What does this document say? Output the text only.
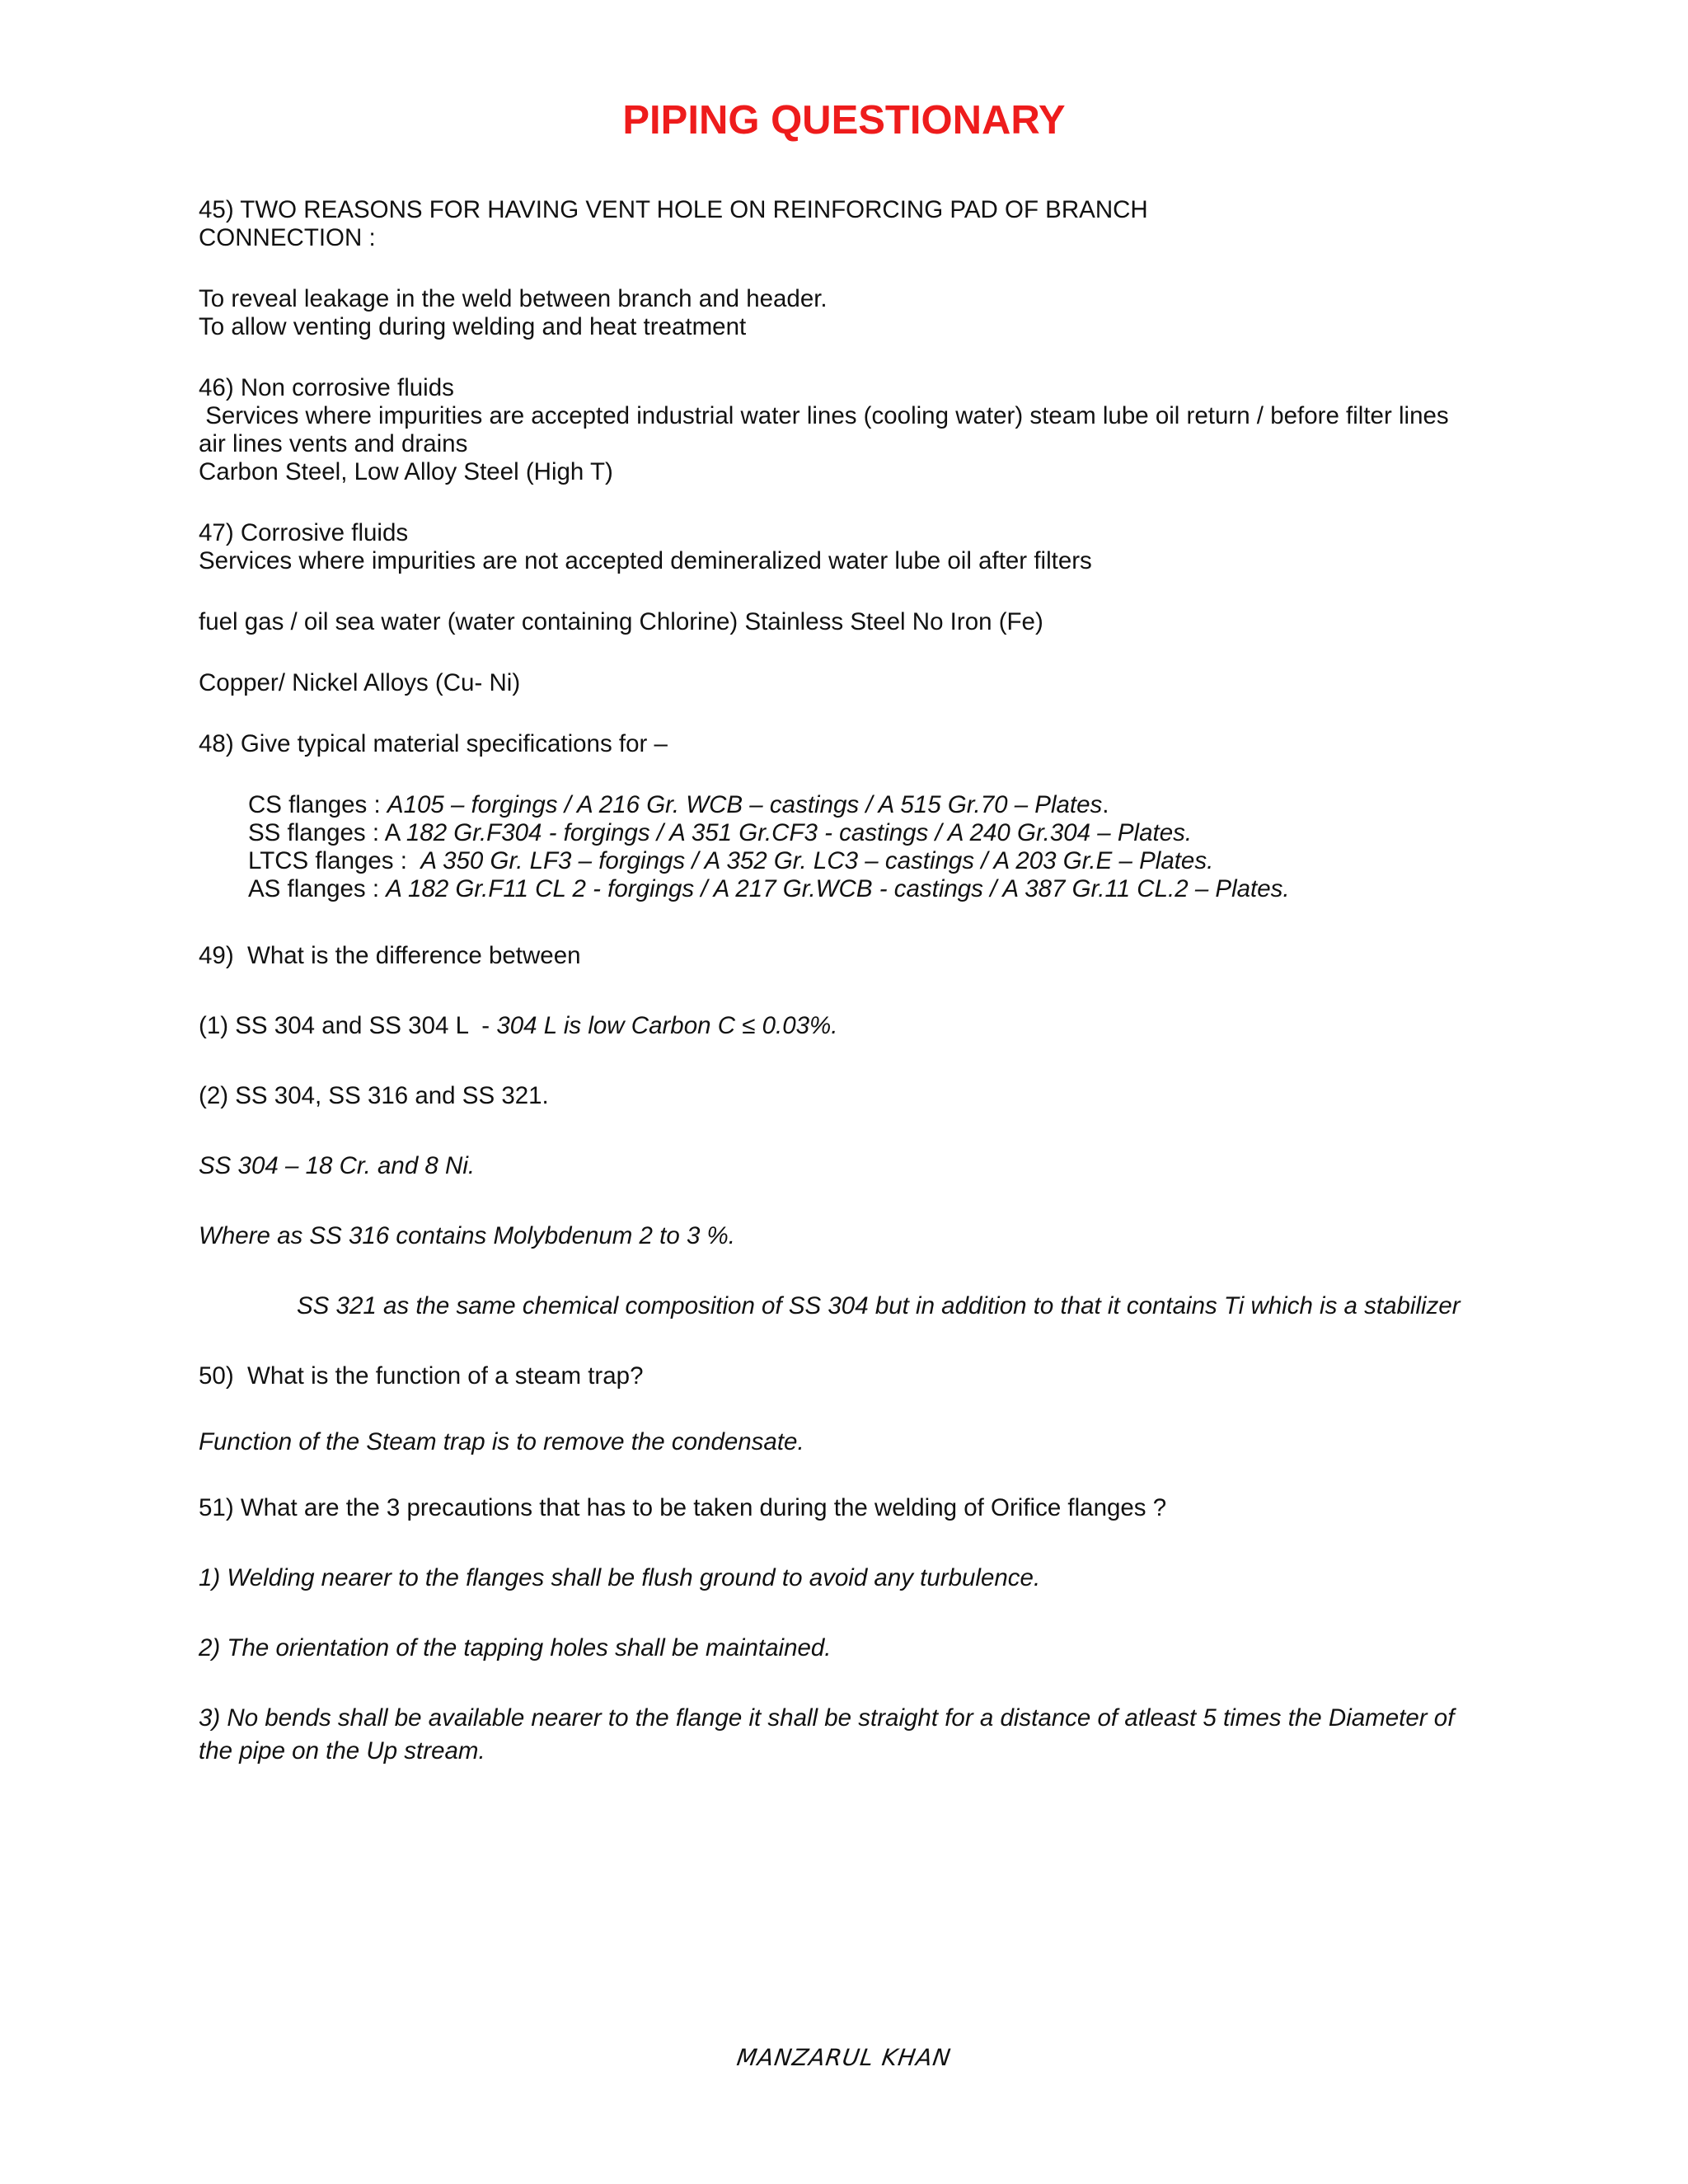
PIPING QUESTIONARY
45) TWO REASONS FOR HAVING VENT HOLE ON REINFORCING PAD OF BRANCH
CONNECTION :
To reveal leakage in the weld between branch and header.
To allow venting during welding and heat treatment
46) Non corrosive fluids
Services where impurities are accepted industrial water lines (cooling water) steam lube oil return / before filter lines
air lines vents and drains
Carbon Steel, Low Alloy Steel (High T)
47) Corrosive fluids
Services where impurities are not accepted demineralized water lube oil after filters
fuel gas / oil sea water (water containing Chlorine) Stainless Steel No Iron (Fe)
Copper/ Nickel Alloys (Cu- Ni)
48) Give typical material specifications for –
CS flanges : A105 – forgings / A 216 Gr. WCB – castings / A 515 Gr.70 – Plates.
SS flanges : A 182 Gr.F304 - forgings / A 351 Gr.CF3 - castings / A 240 Gr.304 – Plates.
LTCS flanges :  A 350 Gr. LF3 – forgings / A 352 Gr. LC3 – castings / A 203 Gr.E – Plates.
AS flanges : A 182 Gr.F11 CL 2 - forgings / A 217 Gr.WCB - castings / A 387 Gr.11 CL.2 – Plates.
49)  What is the difference between
(1) SS 304 and SS 304 L  - 304 L is low Carbon C ≤ 0.03%.
(2) SS 304, SS 316 and SS 321.
SS 304 – 18 Cr. and 8 Ni.
Where as SS 316 contains Molybdenum 2 to 3 %.
SS 321 as the same chemical composition of SS 304 but in addition to that it contains Ti which is a stabilizer
50)  What is the function of a steam trap?
Function of the Steam trap is to remove the condensate.
51) What are the 3 precautions that has to be taken during the welding of Orifice flanges ?
1) Welding nearer to the flanges shall be flush ground to avoid any turbulence.
2) The orientation of the tapping holes shall be maintained.
3) No bends shall be available nearer to the flange it shall be straight for a distance of atleast 5 times the Diameter of
the pipe on the Up stream.
MANZARUL KHAN
